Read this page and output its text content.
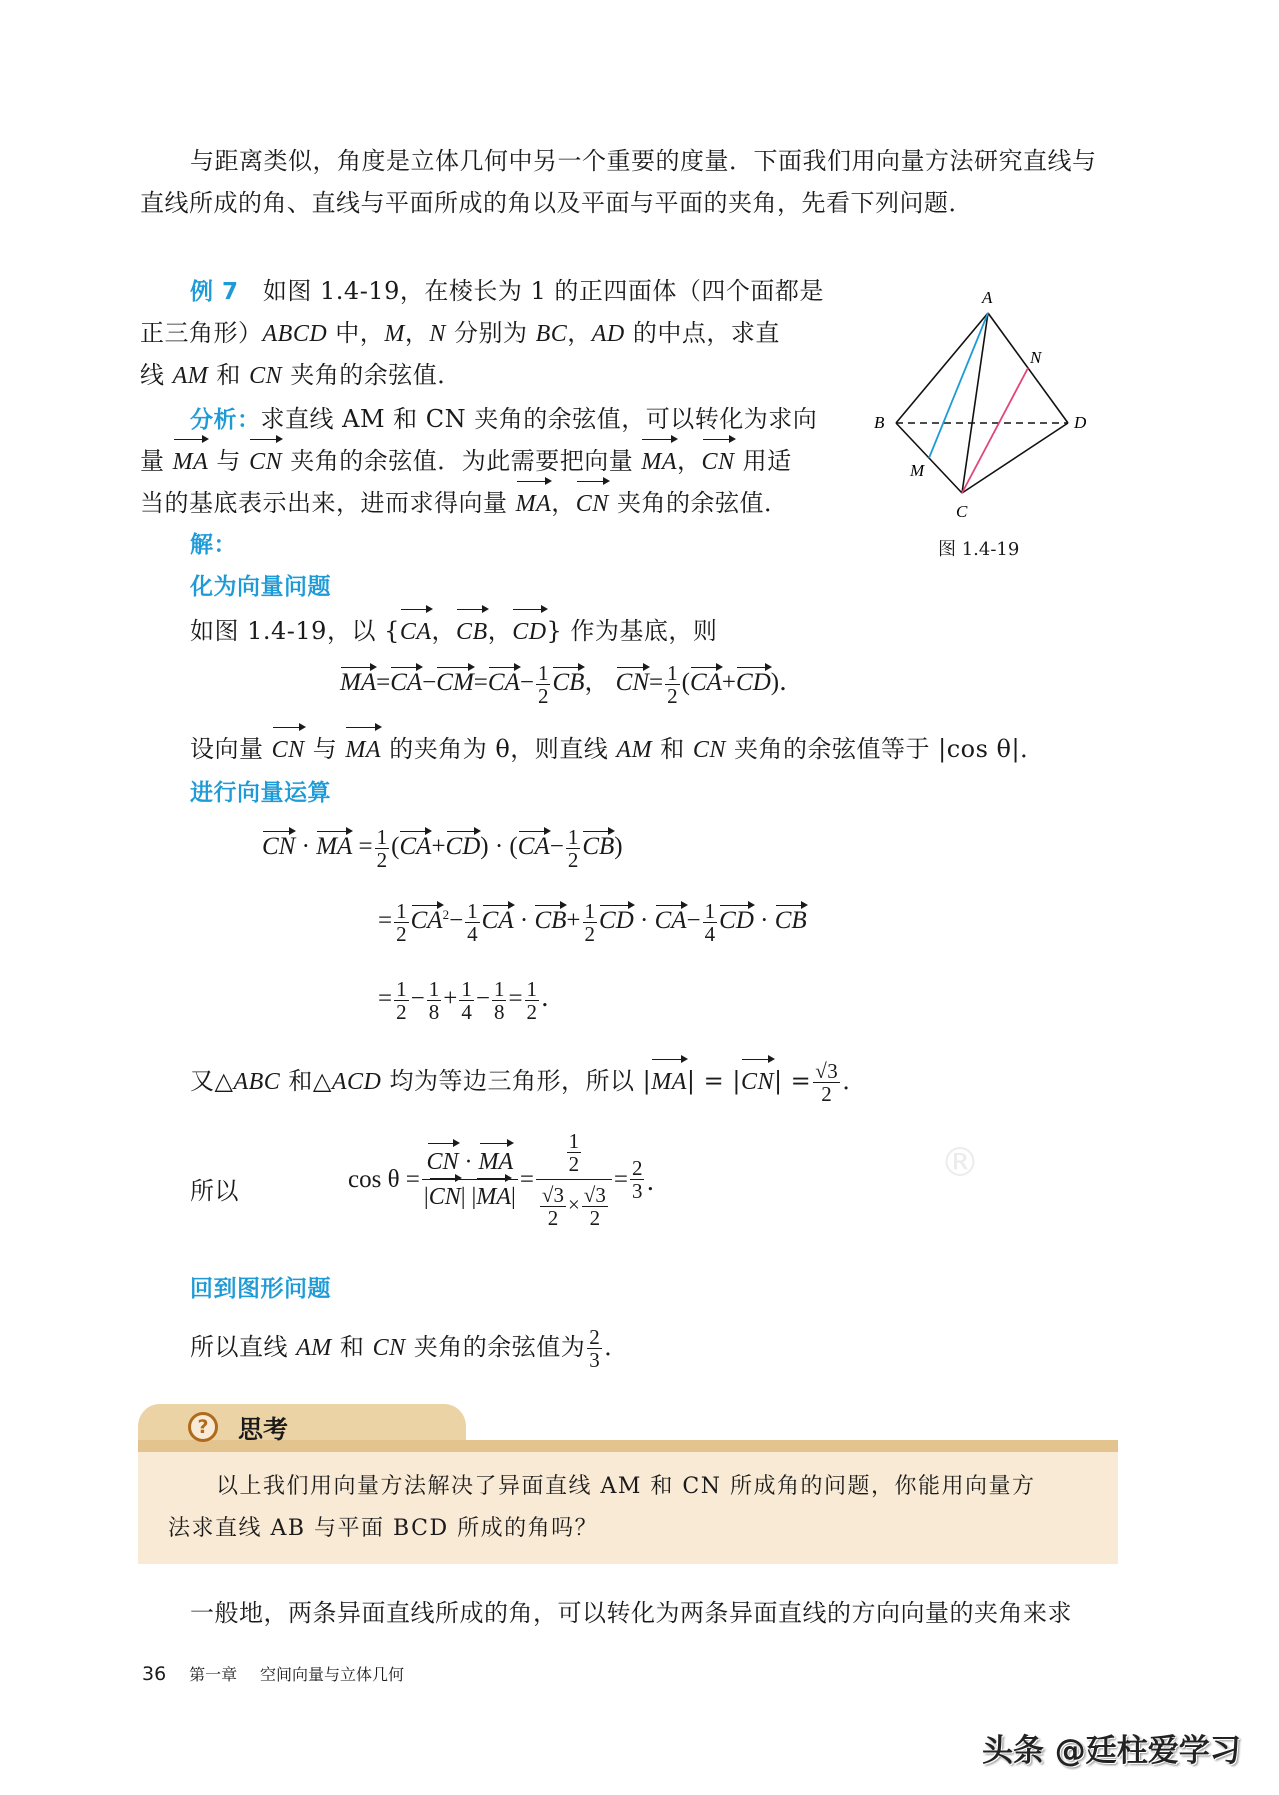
与距离类似，角度是立体几何中另一个重要的度量．下面我们用向量方法研究直线与
直线所成的角、直线与平面所成的角以及平面与平面的夹角，先看下列问题．
例 7 如图 1.4-19，在棱长为 1 的正四面体（四个面都是
正三角形）ABCD 中，M，N 分别为 BC，AD 的中点，求直
线 AM 和 CN 夹角的余弦值．
分析：求直线 AM 和 CN 夹角的余弦值，可以转化为求向
量 MA 与 CN 夹角的余弦值．为此需要把向量 MA，CN 用适
当的基底表示出来，进而求得向量 MA，CN 夹角的余弦值．
A
B
C
D
M
N
图 1.4-19
解：
化为向量问题
如图 1.4-19，以 {CA，CB，CD} 作为基底，则
$MA=CA-CM=CA- \frac{1}{2}$ CB， $CN= \frac{1}{2} (CA+CD)$．
设向量 CN 与 MA 的夹角为 θ，则直线 AM 和 CN 夹角的余弦值等于 |cos θ|．
进行向量运算
CN · MA = $\frac{1}{2} (CA+CD) \cdot (CA- \frac{1}{2} CB)$
= $\frac{1}{2} CA^2- \frac{1}{4}$ CA · $CB+ \frac{1}{2}$ CD · $CA- \frac{1}{4}$ CD · CB
= $\frac{1}{2} - \frac{1}{8} + \frac{1}{4} - \frac{1}{8} = \frac{1}{2}$ ．
又△ABC 和△ACD 均为等边三角形，所以 $|MA| = |CN| = \frac{√3}{2}$ ．
所以	$\cos \theta = \frac{CN \cdot MA}{|CN| |MA|} = \frac{\frac{1}{2}}{\frac{√3}{2} \times \frac{√3}{2}} = \frac{2}{3}$ ．
回到图形问题
所以直线 AM 和 CN 夹角的余弦值为 $\frac{2}{3}$ ．
?	思考
以上我们用向量方法解决了异面直线 AM 和 CN 所成角的问题，你能用向量方
法求直线 AB 与平面 BCD 所成的角吗？
一般地，两条异面直线所成的角，可以转化为两条异面直线的方向向量的夹角来求
36 第一章 空间向量与立体几何
®
头条 @廷柱爱学习
